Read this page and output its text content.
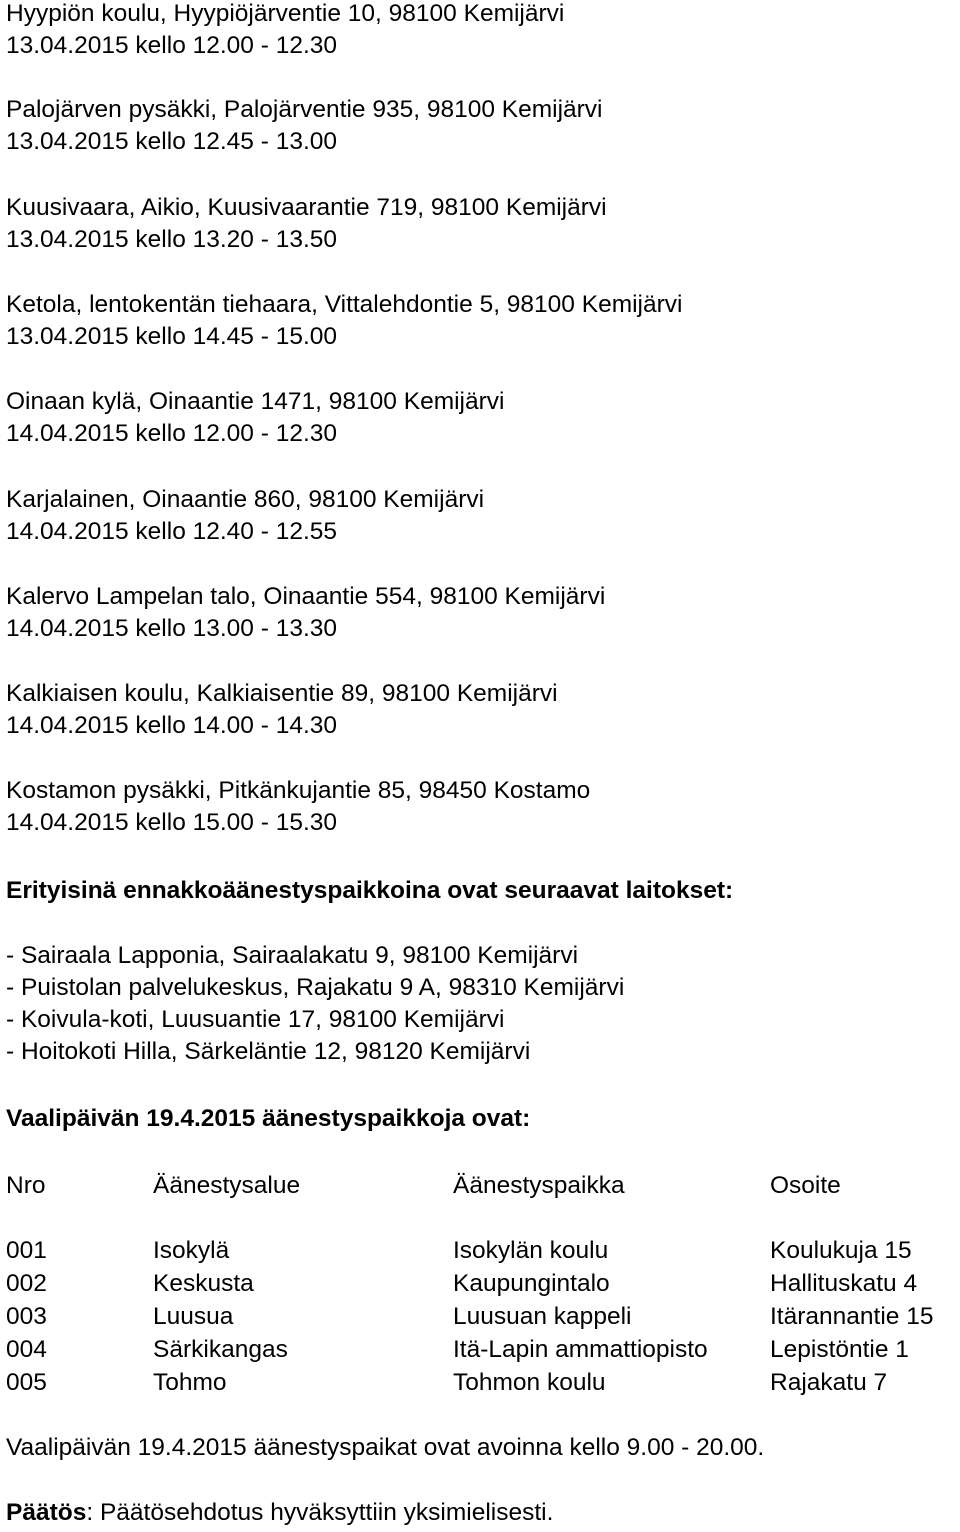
Hyypiön koulu, Hyypiöjärventie 10, 98100 Kemijärvi
13.04.2015 kello 12.00 - 12.30
Palojärven pysäkki, Palojärventie 935, 98100 Kemijärvi
13.04.2015 kello 12.45 - 13.00
Kuusivaara, Aikio, Kuusivaarantie 719, 98100 Kemijärvi
13.04.2015 kello 13.20 - 13.50
Ketola, lentokentän tiehaara, Vittalehdontie 5, 98100 Kemijärvi
13.04.2015 kello 14.45 - 15.00
Oinaan kylä, Oinaantie 1471, 98100 Kemijärvi
14.04.2015 kello 12.00 - 12.30
Karjalainen, Oinaantie 860, 98100 Kemijärvi
14.04.2015 kello 12.40 - 12.55
Kalervo Lampelan talo, Oinaantie 554, 98100 Kemijärvi
14.04.2015 kello 13.00 - 13.30
Kalkiaisen koulu, Kalkiaisentie 89, 98100 Kemijärvi
14.04.2015 kello 14.00 - 14.30
Kostamon pysäkki, Pitkänkujantie 85, 98450 Kostamo
14.04.2015 kello 15.00 - 15.30
Erityisinä ennakkoäänestyspaikkoina ovat seuraavat laitokset:
- Sairaala Lapponia, Sairaalakatu 9, 98100 Kemijärvi
- Puistolan palvelukeskus, Rajakatu 9 A, 98310 Kemijärvi
- Koivula-koti, Luusuantie 17, 98100 Kemijärvi
- Hoitokoti Hilla, Särkeläntie 12, 98120 Kemijärvi
Vaalipäivän 19.4.2015 äänestyspaikkoja ovat:
Nro	Äänestysalue	Äänestyspaikka	Osoite
001	Isokylä	Isokylän koulu	Koulukuja 15
002	Keskusta	Kaupungintalo	Hallituskatu 4
003	Luusua	Luusuan kappeli	Itärannantie 15
004	Särkikangas	Itä-Lapin ammattiopisto	Lepistöntie 1
005	Tohmo	Tohmon koulu	Rajakatu 7
Vaalipäivän 19.4.2015 äänestyspaikat ovat avoinna kello 9.00 - 20.00.
Päätös: Päätösehdotus hyväksyttiin yksimielisesti.
